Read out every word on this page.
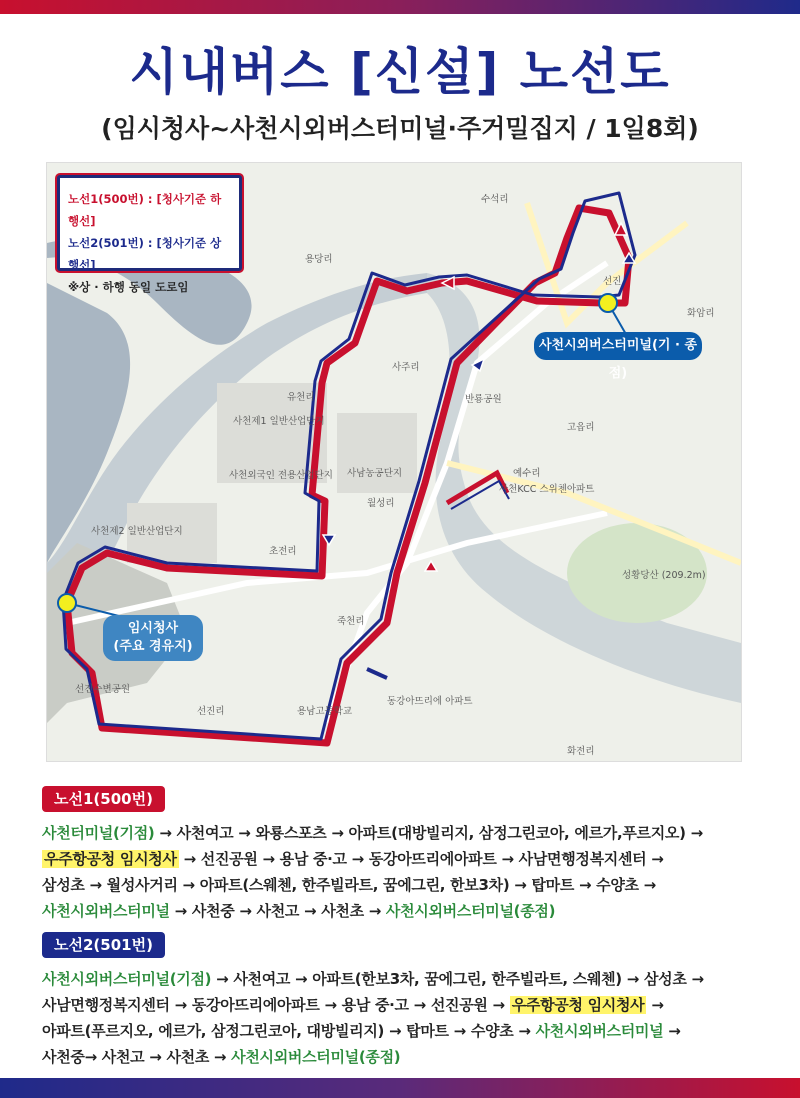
시내버스 [신설] 노선도
(임시청사~사천시외버스터미널·주거밀집지 / 1일8회)
노선1(500번) : [청사기준 하행선]
노선2(501번) : [청사기준 상행선]
※상 · 하행 동일 도로임
사천시외버스터미널(기 · 종점)
임시청사
(주요 경유지)
수석리
용당리
선진
화암리
사주리
반룡공원
고읍리
유천리
사천제1 일반산업단지
사남농공단지	예수리
월성리
사천외국인 전용산업단지
사천제2 일반산업단지
초전리
사천KCC 스위첸아파트
성황당산 (209.2m)
죽천리
용남고등학교
동강아뜨리에 아파트
선진리
화전리
선진수변공원
노선1(500번)
사천터미널(기점) → 사천여고 → 와룡스포츠 → 아파트(대방빌리지, 삼정그린코아, 에르가,푸르지오) →
우주항공청 임시청사 → 선진공원 → 용남 중·고 → 동강아뜨리에아파트 → 사남면행정복지센터 →
삼성초 → 월성사거리 → 아파트(스웨첸, 한주빌라트, 꿈에그린, 한보3차) → 탑마트 → 수양초 →
사천시외버스터미널 → 사천중 → 사천고 → 사천초 → 사천시외버스터미널(종점)
노선2(501번)
사천시외버스터미널(기점) → 사천여고 → 아파트(한보3차, 꿈에그린, 한주빌라트, 스웨첸) → 삼성초 →
사남면행정복지센터 → 동강아뜨리에아파트 → 용남 중·고 → 선진공원 → 우주항공청 임시청사 →
아파트(푸르지오, 에르가, 삼정그린코아, 대방빌리지) → 탑마트 → 수양초 → 사천시외버스터미널 →
사천중→ 사천고 → 사천초 → 사천시외버스터미널(종점)
